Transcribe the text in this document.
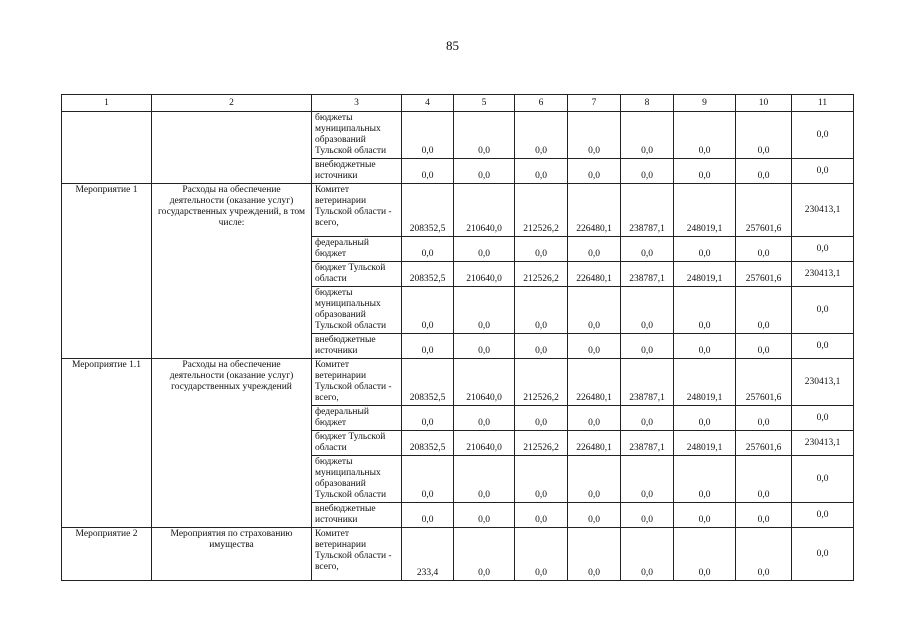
85
1	2	3	4	5	6	7	8	9	10	11
		бюджеты муниципальных образований Тульской области	0,0	0,0	0,0	0,0	0,0	0,0	0,0	0,0
		внебюджетные источники	0,0	0,0	0,0	0,0	0,0	0,0	0,0	0,0
Мероприятие 1	Расходы на обеспечение деятельности (оказание услуг) государственных учреждений, в том числе:	Комитет ветеринарии Тульской области - всего,	208352,5	210640,0	212526,2	226480,1	238787,1	248019,1	257601,6	230413,1
		федеральный бюджет	0,0	0,0	0,0	0,0	0,0	0,0	0,0	0,0
		бюджет Тульской области	208352,5	210640,0	212526,2	226480,1	238787,1	248019,1	257601,6	230413,1
		бюджеты муниципальных образований Тульской области	0,0	0,0	0,0	0,0	0,0	0,0	0,0	0,0
		внебюджетные источники	0,0	0,0	0,0	0,0	0,0	0,0	0,0	0,0
Мероприятие 1.1	Расходы на обеспечение деятельности (оказание услуг) государственных учреждений	Комитет ветеринарии Тульской области - всего,	208352,5	210640,0	212526,2	226480,1	238787,1	248019,1	257601,6	230413,1
		федеральный бюджет	0,0	0,0	0,0	0,0	0,0	0,0	0,0	0,0
		бюджет Тульской области	208352,5	210640,0	212526,2	226480,1	238787,1	248019,1	257601,6	230413,1
		бюджеты муниципальных образований Тульской области	0,0	0,0	0,0	0,0	0,0	0,0	0,0	0,0
		внебюджетные источники	0,0	0,0	0,0	0,0	0,0	0,0	0,0	0,0
Мероприятие 2	Мероприятия по страхованию имущества	Комитет ветеринарии Тульской области - всего,	233,4	0,0	0,0	0,0	0,0	0,0	0,0	0,0
